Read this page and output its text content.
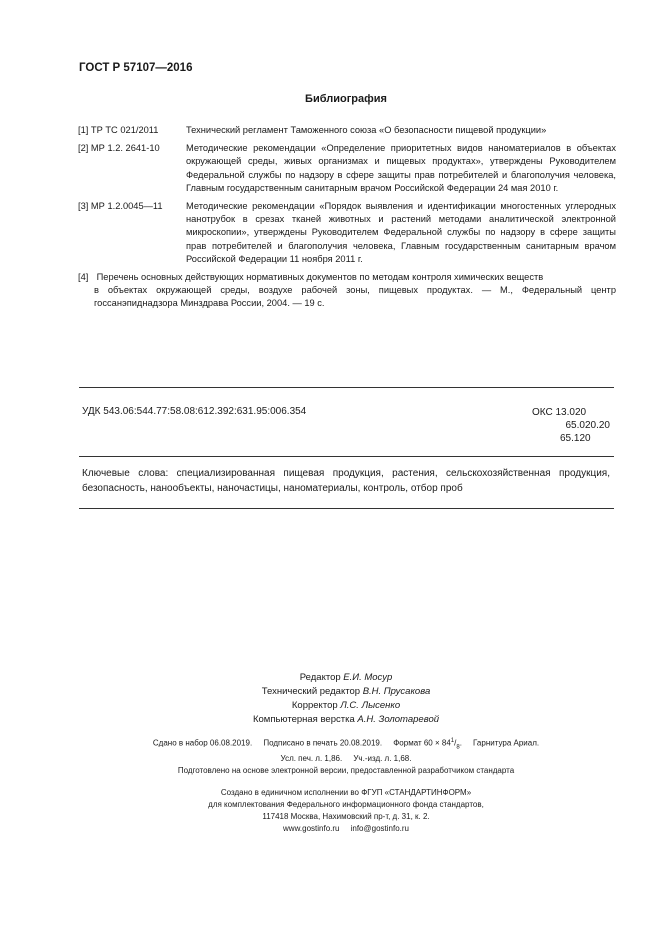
ГОСТ Р 57107—2016
Библиография
[1] ТР ТС 021/2011	Технический регламент Таможенного союза «О безопасности пищевой продукции»
[2] МР 1.2. 2641-10	Методические рекомендации «Определение приоритетных видов наноматериалов в объектах окружающей среды, живых организмах и пищевых продуктах», утверждены Руководителем Федеральной службы по надзору в сфере защиты прав потребителей и благополучия человека, Главным государственным санитарным врачом Российской Федерации 24 мая 2010 г.
[3] МР 1.2.0045—11	Методические рекомендации «Порядок выявления и идентификации многостенных углеродных нанотрубок в срезах тканей животных и растений методами аналитической электронной микроскопии», утверждены Руководителем Федеральной службы по надзору в сфере защиты прав потребителей и благополучия человека, Главным государственным санитарным врачом Российской Федерации 11 ноября 2011 г.
[4] Перечень основных действующих нормативных документов по методам контроля химических веществ
в объектах окружающей среды, воздухе рабочей зоны, пищевых продуктах. — М., Федеральный центр госсанэпиднадзора Минздрава России, 2004. — 19 с.
УДК 543.06:544.77:58.08:612.392:631.95:006.354	ОКС 13.020
65.020.20
65.120
Ключевые слова: специализированная пищевая продукция, растения, сельскохозяйственная продукция, безопасность, нанообъекты, наночастицы, наноматериалы, контроль, отбор проб
Редактор Е.И. Мосур
Технический редактор В.Н. Прусакова
Корректор Л.С. Лысенко
Компьютерная верстка А.Н. Золотаревой
Сдано в набор 06.08.2019. Подписано в печать 20.08.2019. Формат $60 \times 84^1/_8$.     Гарнитура Ариал.
Усл. печ. л. 1,86. Уч.-изд. л. 1,68.
Подготовлено на основе электронной версии, предоставленной разработчиком стандарта
Создано в единичном исполнении во ФГУП «СТАНДАРТИНФОРМ»
для комплектования Федерального информационного фонда стандартов,
117418 Москва, Нахимовский пр-т, д. 31, к. 2.
www.gostinfo.ru info@gostinfo.ru
